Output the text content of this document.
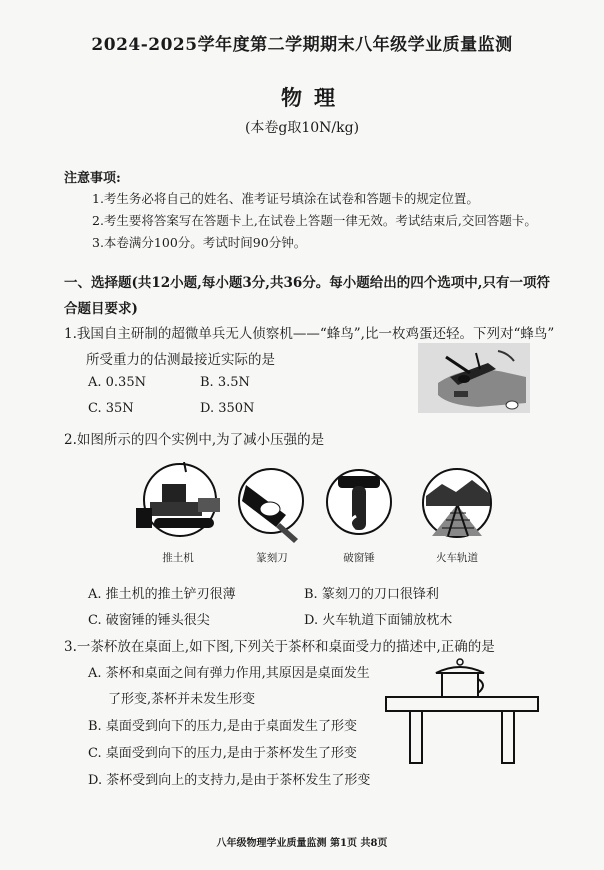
2024-2025学年度第二学期期末八年级学业质量监测
物理
(本卷g取10N/kg)
注意事项:
1.考生务必将自己的姓名、准考证号填涂在试卷和答题卡的规定位置。
2.考生要将答案写在答题卡上,在试卷上答题一律无效。考试结束后,交回答题卡。
3.本卷满分100分。考试时间90分钟。
一、选择题(共12小题,每小题3分,共36分。每小题给出的四个选项中,只有一项符合题目要求)
1.我国自主研制的超微单兵无人侦察机——“蜂鸟”,比一枚鸡蛋还轻。下列对“蜂鸟”
所受重力的估测最接近实际的是
A. 0.35N	B. 3.5N
C. 35N	D. 350N
2.如图所示的四个实例中,为了减小压强的是
推土机	篆刻刀	破窗锤	火车轨道
A. 推土机的推土铲刃很薄	B. 篆刻刀的刀口很锋利
C. 破窗锤的锤头很尖	D. 火车轨道下面铺放枕木
3.一茶杯放在桌面上,如下图,下列关于茶杯和桌面受力的描述中,正确的是
A. 茶杯和桌面之间有弹力作用,其原因是桌面发生
了形变,茶杯并未发生形变
B. 桌面受到向下的压力,是由于桌面发生了形变
C. 桌面受到向下的压力,是由于茶杯发生了形变
D. 茶杯受到向上的支持力,是由于茶杯发生了形变
八年级物理学业质量监测 第1页 共8页
